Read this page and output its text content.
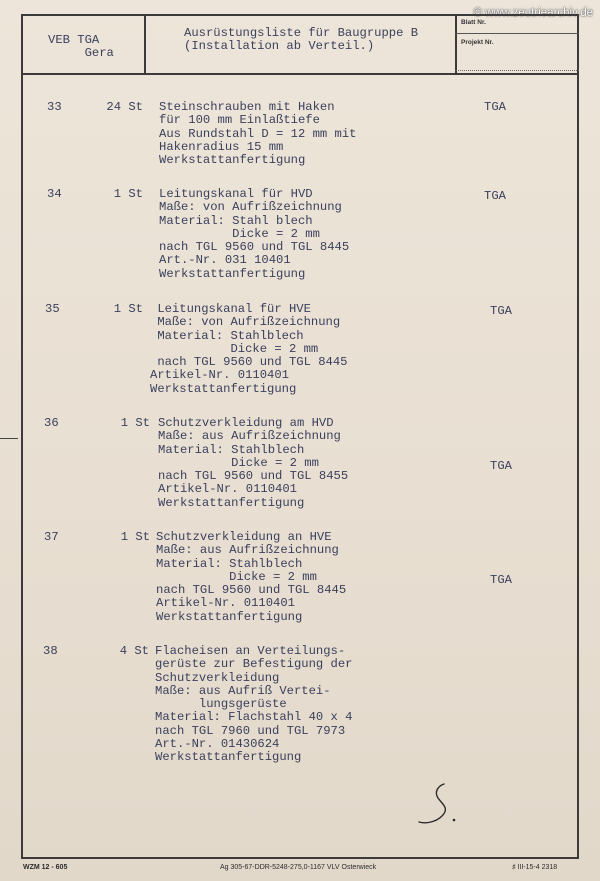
© www.zeutriearchiv.de
VEB TGA
Gera
Ausrüstungsliste für Baugruppe B
(Installation ab Verteil.)
Blatt Nr.
Projekt Nr.
33	24 St Steinschrauben mit Haken
für 100 mm Einlaßtiefe
Aus Rundstahl D = 12 mm mit
Hakenradius 15 mm
Werkstattanfertigung
TGA
34	1 St Leitungskanal für HVD
Maße: von Aufrißzeichnung
Material: Stahl blech
Dicke = 2 mm
nach TGL 9560 und TGL 8445
Art.-Nr. 031 10401
Werkstattanfertigung
TGA
35	1 St	Leitungskanal für HVE
Maße: von Aufrißzeichnung
Material: Stahlblech
Dicke = 2 mm
nach TGL 9560 und TGL 8445
Artikel-Nr. 0110401
Werkstattanfertigung
TGA
36	1 St Schutzverkleidung am HVD
Maße: aus Aufrißzeichnung
Material: Stahlblech
Dicke = 2 mm
nach TGL 9560 und TGL 8455
Artikel-Nr. 0110401
Werkstattanfertigung
TGA
37	1 St Schutzverkleidung an HVE
Maße: aus Aufrißzeichnung
Material: Stahlblech
Dicke = 2 mm
nach TGL 9560 und TGL 8445
Artikel-Nr. 0110401
Werkstattanfertigung
TGA
38	4 St Flacheisen an Verteilungs-
gerüste zur Befestigung der
Schutzverkleidung
Maße: aus Aufriß Vertei-
lungsgerüste
Material: Flachstahl 40 x 4
nach TGL 7960 und TGL 7973
Art.-Nr. 01430624
Werkstattanfertigung
WZM 12 - 605	Ag 305-67-DDR-5248-275,0-1167 VLV Osterwieck	♯ III-15-4 2318
